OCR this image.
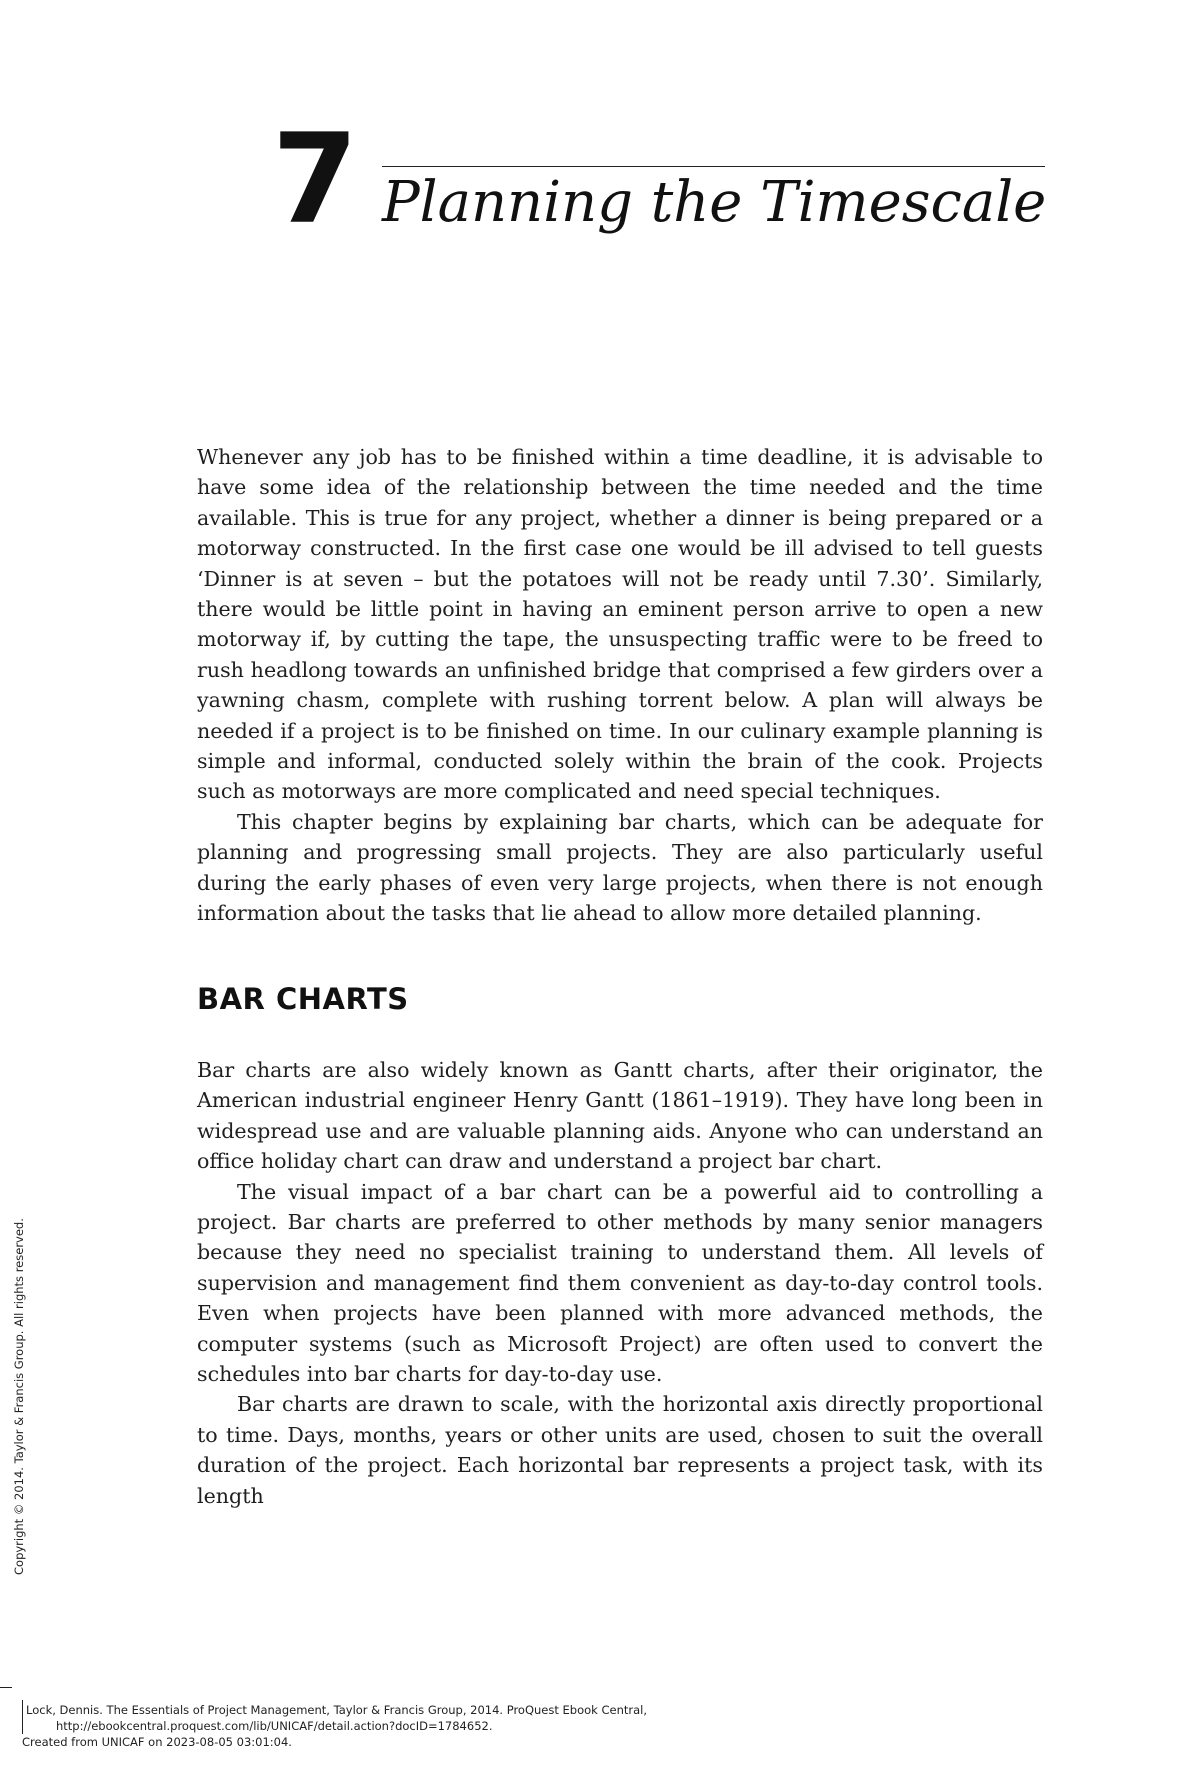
7 Planning the Timescale

Whenever any job has to be finished within a time deadline, it is advisable to have some idea of the relationship between the time needed and the time available. This is true for any project, whether a dinner is being prepared or a motorway constructed. In the first case one would be ill advised to tell guests ‘Dinner is at seven – but the potatoes will not be ready until 7.30’. Similarly, there would be little point in having an eminent person arrive to open a new motorway if, by cutting the tape, the unsuspecting traffic were to be freed to rush headlong towards an unfinished bridge that comprised a few girders over a yawning chasm, complete with rushing torrent below. A plan will always be needed if a project is to be finished on time. In our culinary example planning is simple and informal, conducted solely within the brain of the cook. Projects such as motorways are more complicated and need special techniques.

This chapter begins by explaining bar charts, which can be adequate for planning and progressing small projects. They are also particularly useful during the early phases of even very large projects, when there is not enough information about the tasks that lie ahead to allow more detailed planning.

BAR CHARTS

Bar charts are also widely known as Gantt charts, after their originator, the American industrial engineer Henry Gantt (1861–1919). They have long been in widespread use and are valuable planning aids. Anyone who can understand an office holiday chart can draw and understand a project bar chart.

The visual impact of a bar chart can be a powerful aid to controlling a project. Bar charts are preferred to other methods by many senior managers because they need no specialist training to understand them. All levels of supervision and management find them convenient as day-to-day control tools. Even when projects have been planned with more advanced methods, the computer systems (such as Microsoft Project) are often used to convert the schedules into bar charts for day-to-day use.

Bar charts are drawn to scale, with the horizontal axis directly proportional to time. Days, months, years or other units are used, chosen to suit the overall duration of the project. Each horizontal bar represents a project task, with its length

Copyright © 2014. Taylor & Francis Group. All rights reserved.
Lock, Dennis. The Essentials of Project Management, Taylor & Francis Group, 2014. ProQuest Ebook Central,
http://ebookcentral.proquest.com/lib/UNICAF/detail.action?docID=1784652.
Created from UNICAF on 2023-08-05 03:01:04.
